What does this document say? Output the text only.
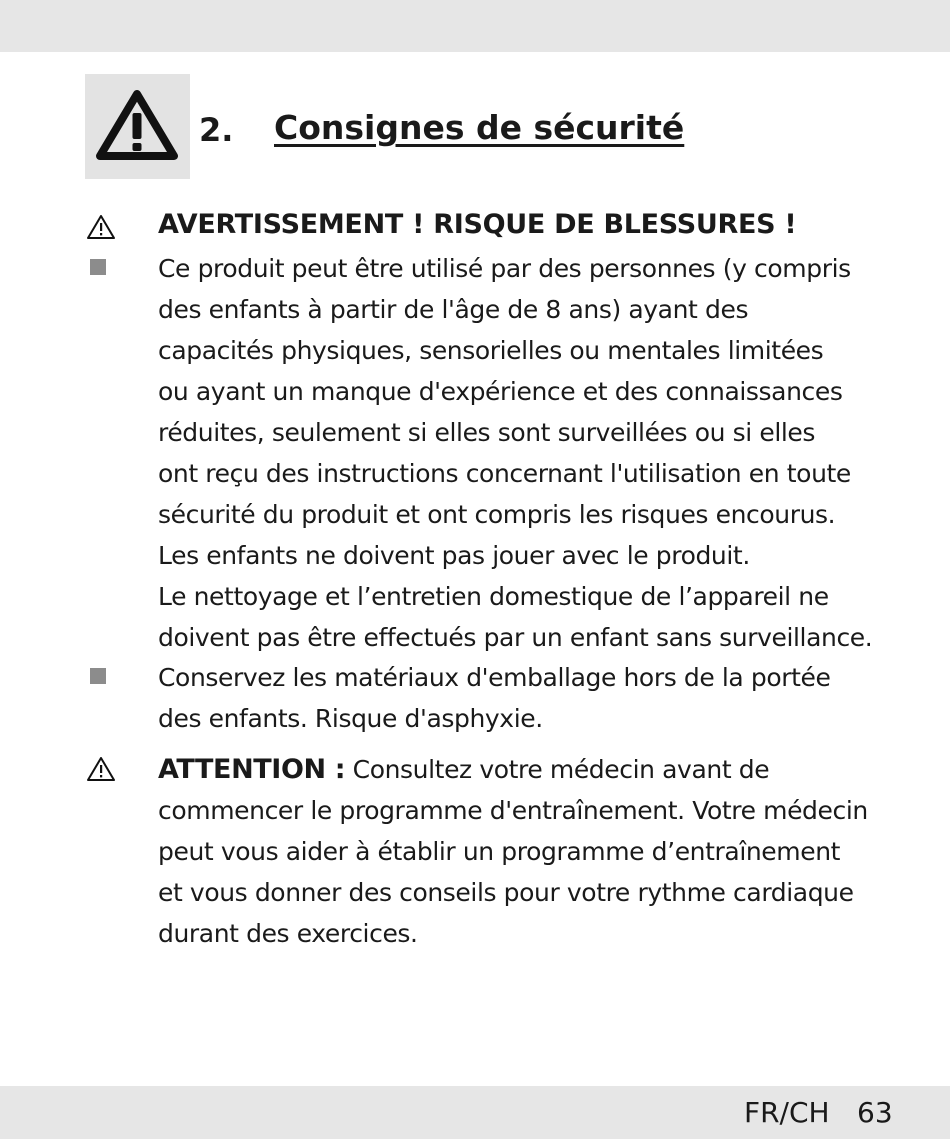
2. Consignes de sécurité
AVERTISSEMENT ! RISQUE DE BLESSURES !
Ce produit peut être utilisé par des personnes (y compris
des enfants à partir de l'âge de 8 ans) ayant des
capacités physiques, sensorielles ou mentales limitées
ou ayant un manque d'expérience et des connaissances
réduites, seulement si elles sont surveillées ou si elles
ont reçu des instructions concernant l'utilisation en toute
sécurité du produit et ont compris les risques encourus.
Les enfants ne doivent pas jouer avec le produit.
Le nettoyage et l’entretien domestique de l’appareil ne
doivent pas être effectués par un enfant sans surveillance.
Conservez les matériaux d'emballage hors de la portée
des enfants. Risque d'asphyxie.
ATTENTION : Consultez votre médecin avant de
commencer le programme d'entraînement. Votre médecin
peut vous aider à établir un programme d’entraînement
et vous donner des conseils pour votre rythme cardiaque
durant des exercices.
FR/CH 63
